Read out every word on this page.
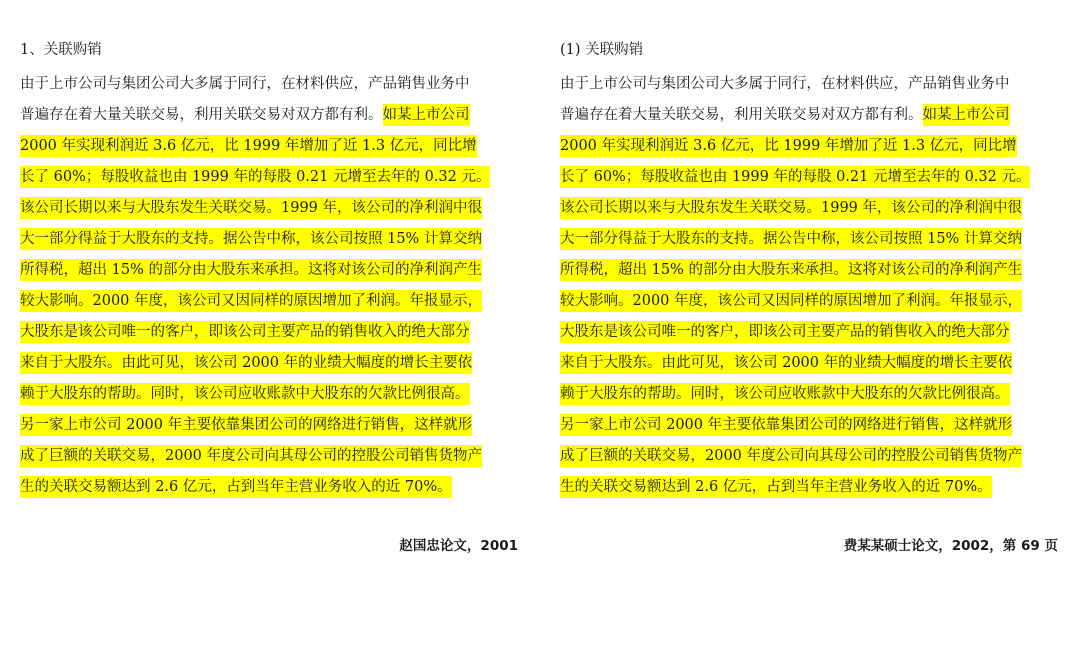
1、关联购销
由于上市公司与集团公司大多属于同行，在材料供应，产品销售业务中
普遍存在着大量关联交易，利用关联交易对双方都有利。如某上市公司
2000 年实现利润近 3.6 亿元，比 1999 年增加了近 1.3 亿元，同比增
长了 60%；每股收益也由 1999 年的每股 0.21 元增至去年的 0.32 元。
该公司长期以来与大股东发生关联交易。1999 年，该公司的净利润中很
大一部分得益于大股东的支持。据公告中称，该公司按照 15% 计算交纳
所得税，超出 15% 的部分由大股东来承担。这将对该公司的净利润产生
较大影响。2000 年度，该公司又因同样的原因增加了利润。年报显示，
大股东是该公司唯一的客户，即该公司主要产品的销售收入的绝大部分
来自于大股东。由此可见，该公司 2000 年的业绩大幅度的增长主要依
赖于大股东的帮助。同时，该公司应收账款中大股东的欠款比例很高。
另一家上市公司 2000 年主要依靠集团公司的网络进行销售，这样就形
成了巨额的关联交易，2000 年度公司向其母公司的控股公司销售货物产
生的关联交易额达到 2.6 亿元，占到当年主营业务收入的近 70%。
(1) 关联购销
由于上市公司与集团公司大多属于同行，在材料供应，产品销售业务中
普遍存在着大量关联交易，利用关联交易对双方都有利。如某上市公司
2000 年实现利润近 3.6 亿元，比 1999 年增加了近 1.3 亿元，同比增
长了 60%；每股收益也由 1999 年的每股 0.21 元增至去年的 0.32 元。
该公司长期以来与大股东发生关联交易。1999 年，该公司的净利润中很
大一部分得益于大股东的支持。据公告中称，该公司按照 15% 计算交纳
所得税，超出 15% 的部分由大股东来承担。这将对该公司的净利润产生
较大影响。2000 年度，该公司又因同样的原因增加了利润。年报显示，
大股东是该公司唯一的客户，即该公司主要产品的销售收入的绝大部分
来自于大股东。由此可见，该公司 2000 年的业绩大幅度的增长主要依
赖于大股东的帮助。同时，该公司应收账款中大股东的欠款比例很高。
另一家上市公司 2000 年主要依靠集团公司的网络进行销售，这样就形
成了巨额的关联交易，2000 年度公司向其母公司的控股公司销售货物产
生的关联交易额达到 2.6 亿元，占到当年主营业务收入的近 70%。
赵国忠论文，2001	费某某硕士论文，2002，第 69 页
